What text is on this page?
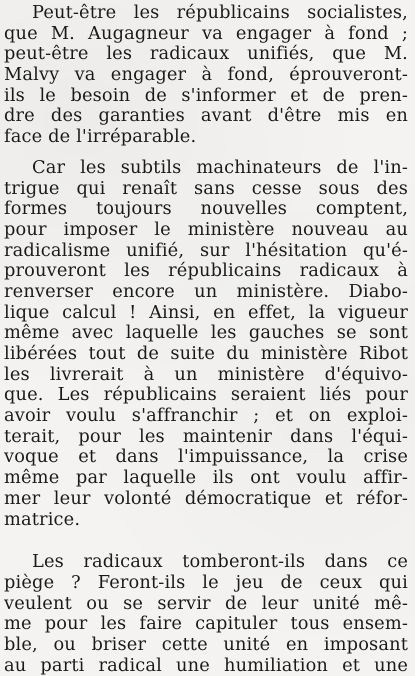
Peut-être les républicains socialistes,
que M. Augagneur va engager à fond ;
peut-être les radicaux unifiés, que M.
Malvy va engager à fond, éprouveront-
ils le besoin de s'informer et de pren-
dre des garanties avant d'être mis en
face de l'irréparable.
Car les subtils machinateurs de l'in-
trigue qui renaît sans cesse sous des
formes toujours nouvelles comptent,
pour imposer le ministère nouveau au
radicalisme unifié, sur l'hésitation qu'é-
prouveront les républicains radicaux à
renverser encore un ministère. Diabo-
lique calcul ! Ainsi, en effet, la vigueur
même avec laquelle les gauches se sont
libérées tout de suite du ministère Ribot
les livrerait à un ministère d'équivo-
que. Les républicains seraient liés pour
avoir voulu s'affranchir ; et on exploi-
terait, pour les maintenir dans l'équi-
voque et dans l'impuissance, la crise
même par laquelle ils ont voulu affir-
mer leur volonté démocratique et réfor-
matrice.
Les radicaux tomberont-ils dans ce
piège ? Feront-ils le jeu de ceux qui
veulent ou se servir de leur unité mê-
me pour les faire capituler tous ensem-
ble, ou briser cette unité en imposant
au parti radical une humiliation et une
